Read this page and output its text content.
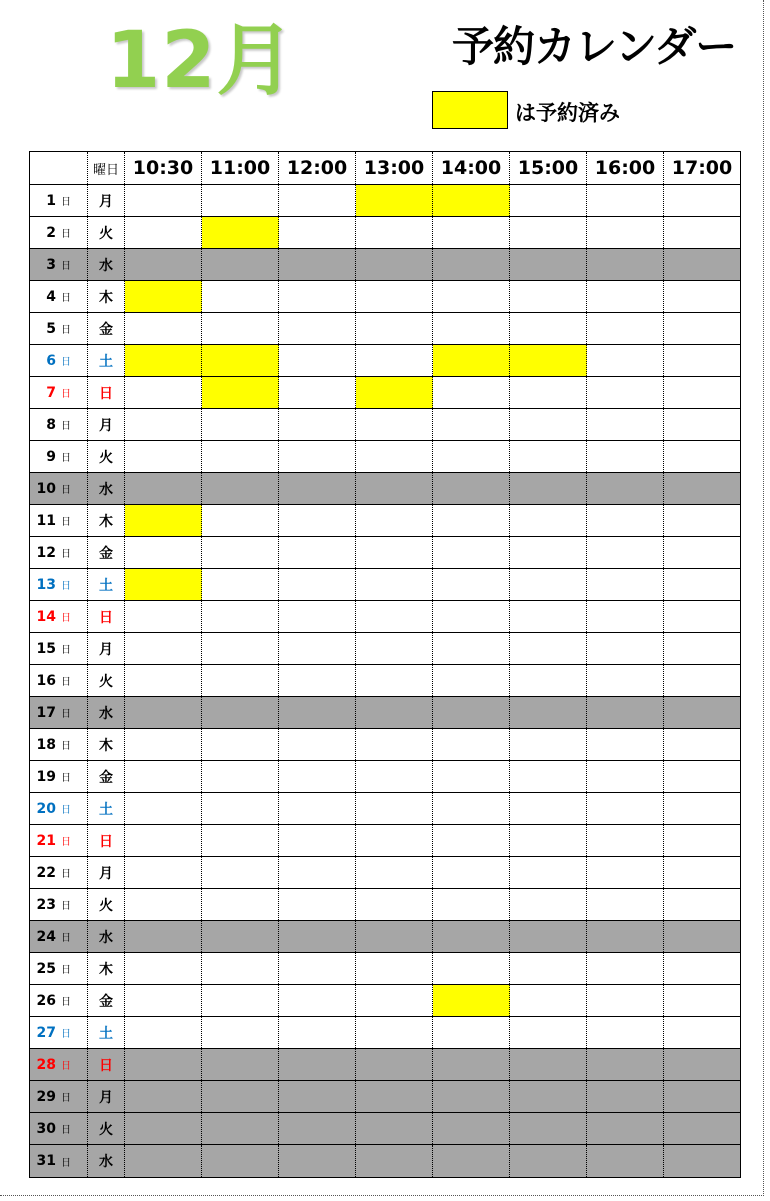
12月	予約カレンダー
は予約済み
曜日 10:30 11:00 12:00 13:00 14:00 15:00 16:00 17:00
1 日	月
2 日	火
3 日	水
4 日	木
5 日	金
6 日	土
7 日	日
8 日	月
9 日	火
10 日	水
11 日	木
12 日	金
13 日	土
14 日	日
15 日	月
16 日	火
17 日	水
18 日	木
19 日	金
20 日	土
21 日	日
22 日	月
23 日	火
24 日	水
25 日	木
26 日	金
27 日	土
28 日	日
29 日	月
30 日	火
31 日	水
